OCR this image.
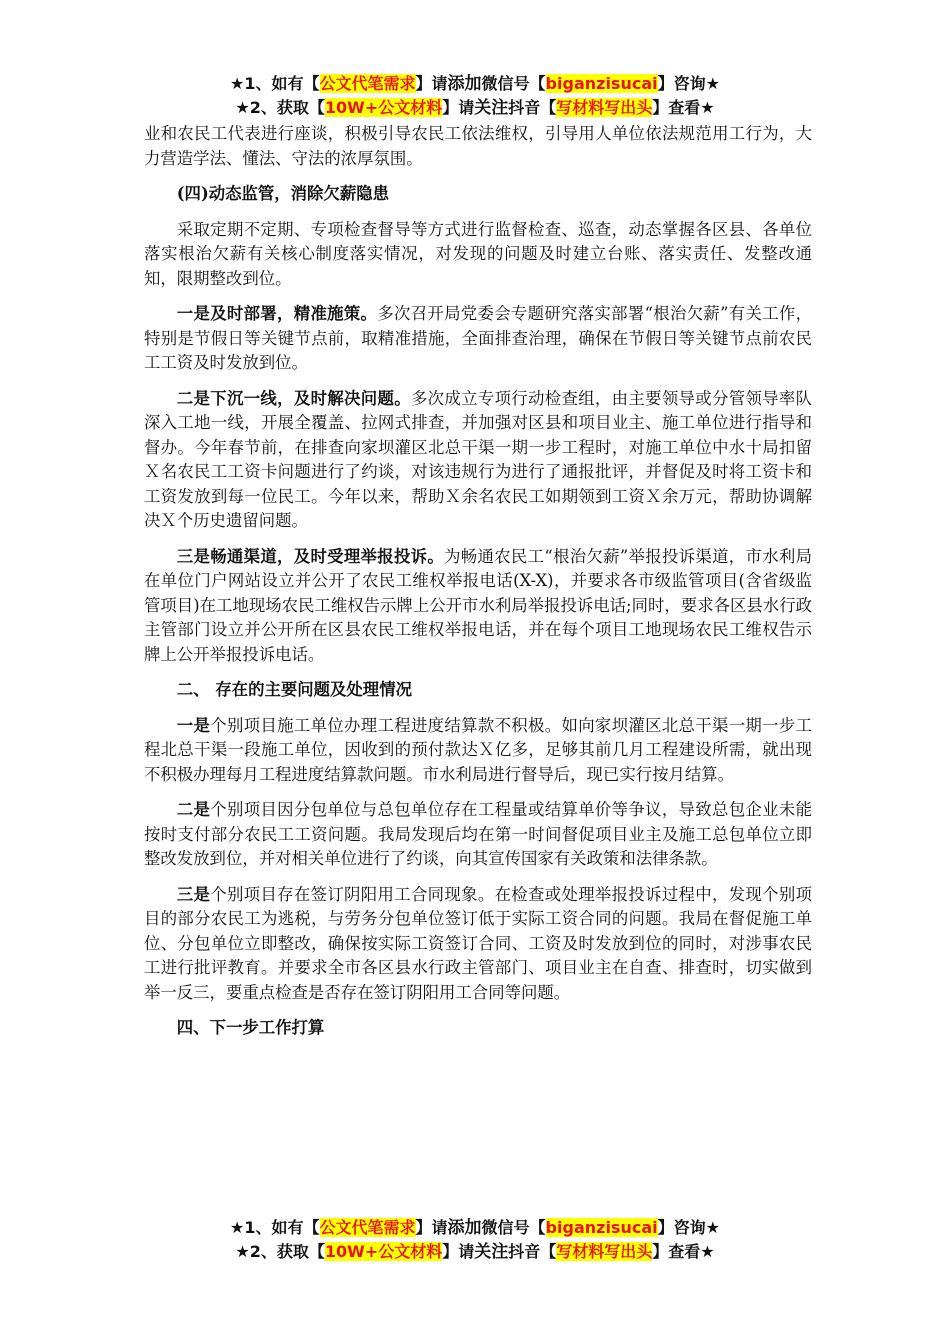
★1、如有【公文代笔需求】请添加微信号【biganzisucai】咨询★
★2、获取【10W+公文材料】请关注抖音【写材料写出头】查看★

业和农民工代表进行座谈，积极引导农民工依法维权，引导用人单位依法规范用工行为，大力营造学法、懂法、守法的浓厚氛围。

(四)动态监管，消除欠薪隐患

采取定期不定期、专项检查督导等方式进行监督检查、巡查，动态掌握各区县、各单位落实根治欠薪有关核心制度落实情况，对发现的问题及时建立台账、落实责任、发整改通知，限期整改到位。

一是及时部署，精准施策。多次召开局党委会专题研究落实部署“根治欠薪”有关工作，特别是节假日等关键节点前，取精准措施，全面排查治理，确保在节假日等关键节点前农民工工资及时发放到位。

二是下沉一线，及时解决问题。多次成立专项行动检查组，由主要领导或分管领导率队深入工地一线，开展全覆盖、拉网式排查，并加强对区县和项目业主、施工单位进行指导和督办。今年春节前，在排查向家坝灌区北总干渠一期一步工程时，对施工单位中水十局扣留Ｘ名农民工工资卡问题进行了约谈，对该违规行为进行了通报批评，并督促及时将工资卡和工资发放到每一位民工。今年以来，帮助Ｘ余名农民工如期领到工资Ｘ余万元，帮助协调解决Ｘ个历史遗留问题。

三是畅通渠道，及时受理举报投诉。为畅通农民工“根治欠薪”举报投诉渠道，市水利局在单位门户网站设立并公开了农民工维权举报电话(X-X)，并要求各市级监管项目(含省级监管项目)在工地现场农民工维权告示牌上公开市水利局举报投诉电话;同时，要求各区县水行政主管部门设立并公开所在区县农民工维权举报电话，并在每个项目工地现场农民工维权告示牌上公开举报投诉电话。

二、 存在的主要问题及处理情况

一是个别项目施工单位办理工程进度结算款不积极。如向家坝灌区北总干渠一期一步工程北总干渠一段施工单位，因收到的预付款达Ｘ亿多，足够其前几月工程建设所需，就出现不积极办理每月工程进度结算款问题。市水利局进行督导后，现已实行按月结算。

二是个别项目因分包单位与总包单位存在工程量或结算单价等争议，导致总包企业未能按时支付部分农民工工资问题。我局发现后均在第一时间督促项目业主及施工总包单位立即整改发放到位，并对相关单位进行了约谈，向其宣传国家有关政策和法律条款。

三是个别项目存在签订阴阳用工合同现象。在检查或处理举报投诉过程中，发现个别项目的部分农民工为逃税，与劳务分包单位签订低于实际工资合同的问题。我局在督促施工单位、分包单位立即整改，确保按实际工资签订合同、工资及时发放到位的同时，对涉事农民工进行批评教育。并要求全市各区县水行政主管部门、项目业主在自查、排查时，切实做到举一反三，要重点检查是否存在签订阴阳用工合同等问题。

四、下一步工作打算

★1、如有【公文代笔需求】请添加微信号【biganzisucai】咨询★
★2、获取【10W+公文材料】请关注抖音【写材料写出头】查看★
